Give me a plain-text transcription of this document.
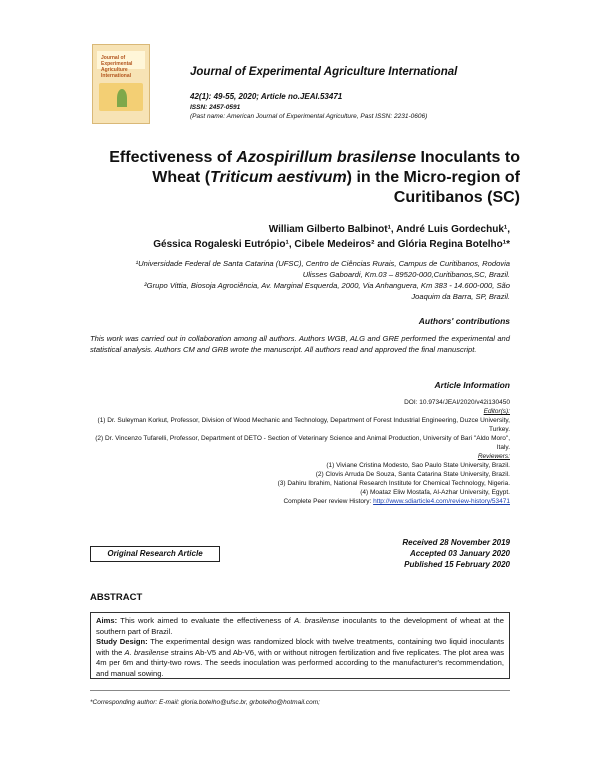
Journal of Experimental Agriculture International	Journal of Experimental Agriculture International
42(1): 49-55, 2020; Article no.JEAI.53471
ISSN: 2457-0591
(Past name: American Journal of Experimental Agriculture, Past ISSN: 2231-0606)
Effectiveness of Azospirillum brasilense Inoculants to Wheat (Triticum aestivum) in the Micro-region of Curitibanos (SC)
William Gilberto Balbinot¹, André Luis Gordechuk¹,
Géssica Rogaleski Eutrópio¹, Cibele Medeiros² and Glória Regina Botelho¹*
¹Universidade Federal de Santa Catarina (UFSC), Centro de Ciências Rurais, Campus de Curitibanos, Rodovia Ulisses Gaboardi, Km.03 – 89520-000,Curitibanos,SC, Brazil.
²Grupo Vittia, Biosoja Agrociência, Av. Marginal Esquerda, 2000, Via Anhanguera, Km 383 - 14.600-000, São Joaquim da Barra, SP, Brazil.
Authors' contributions
This work was carried out in collaboration among all authors. Authors WGB, ALG and GRE performed the experimental and statistical analysis. Authors CM and GRB wrote the manuscript. All authors read and approved the final manuscript.
Article Information
DOI: 10.9734/JEAI/2020/v42i130450
Editor(s):
(1) Dr. Suleyman Korkut, Professor, Division of Wood Mechanic and Technology, Department of Forest Industrial Engineering, Duzce University, Turkey.
(2) Dr. Vincenzo Tufarelli, Professor, Department of DETO - Section of Veterinary Science and Animal Production, University of Bari "Aldo Moro", Italy.
Reviewers:
(1) Viviane Cristina Modesto, Sao Paulo State University, Brazil.
(2) Clovis Arruda De Souza, Santa Catarina State University, Brazil.
(3) Dahiru Ibrahim, National Research Institute for Chemical Technology, Nigeria.
(4) Moataz Eliw Mostafa, Al-Azhar University, Egypt.
Complete Peer review History: http://www.sdiarticle4.com/review-history/53471
Original Research Article
Received 28 November 2019
Accepted 03 January 2020
Published 15 February 2020
ABSTRACT
Aims: This work aimed to evaluate the effectiveness of A. brasilense inoculants to the development of wheat at the southern part of Brazil.
Study Design: The experimental design was randomized block with twelve treatments, containing two liquid inoculants with the A. brasilense strains Ab-V5 and Ab-V6, with or without nitrogen fertilization and five replicates. The plot area was 4m per 6m and thirty-two rows. The seeds inoculation was performed according to the manufacturer's recommendation, and manual sowing.
*Corresponding author: E-mail: gloria.botelho@ufsc.br, grbotelho@hotmail.com;
